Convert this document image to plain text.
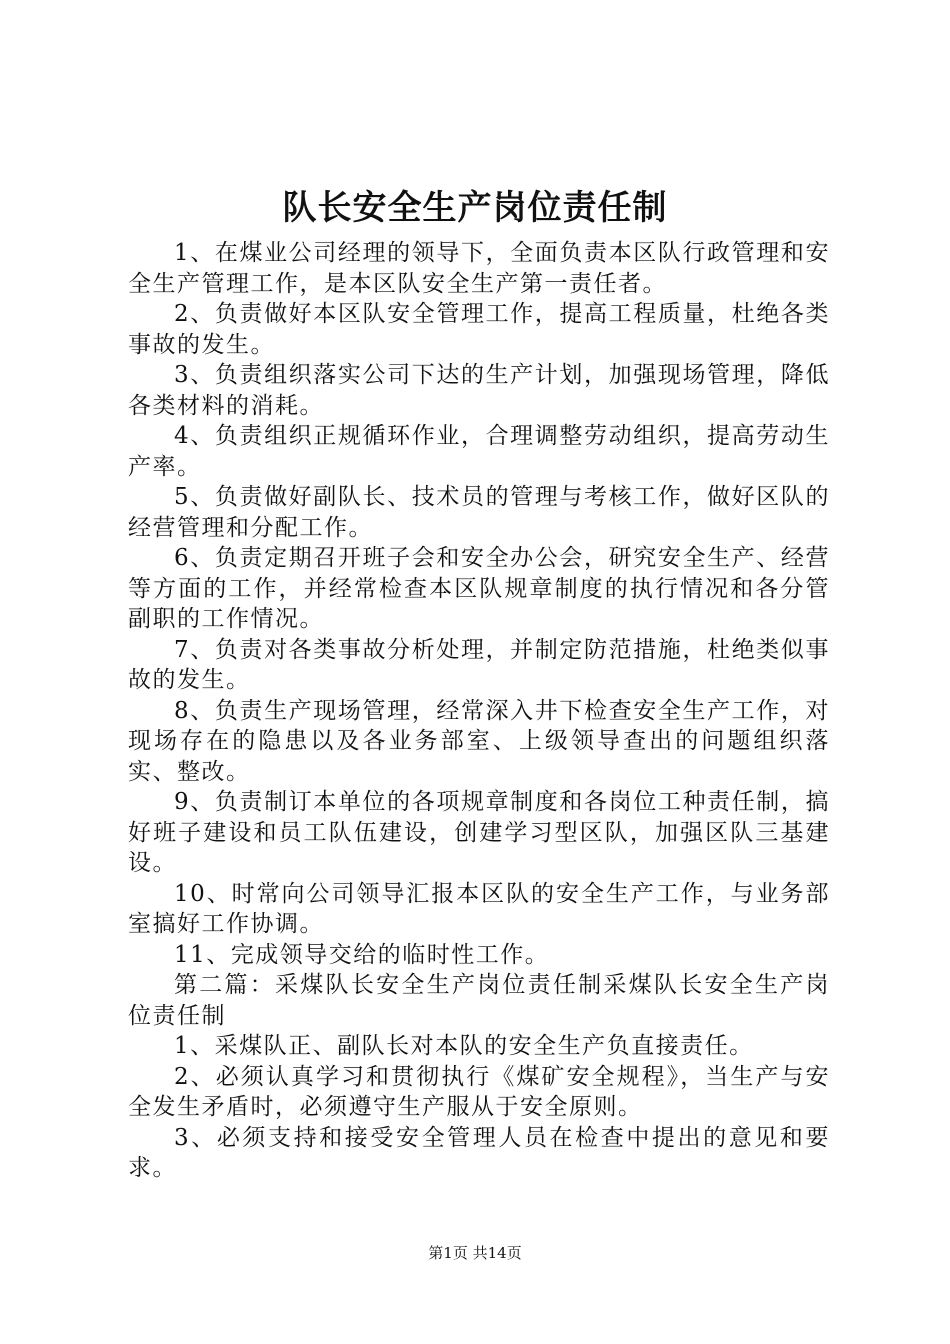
队长安全生产岗位责任制

1、在煤业公司经理的领导下，全面负责本区队行政管理和安全生产管理工作，是本区队安全生产第一责任者。

2、负责做好本区队安全管理工作，提高工程质量，杜绝各类事故的发生。

3、负责组织落实公司下达的生产计划，加强现场管理，降低各类材料的消耗。

4、负责组织正规循环作业，合理调整劳动组织，提高劳动生产率。

5、负责做好副队长、技术员的管理与考核工作，做好区队的经营管理和分配工作。

6、负责定期召开班子会和安全办公会，研究安全生产、经营等方面的工作，并经常检查本区队规章制度的执行情况和各分管副职的工作情况。

7、负责对各类事故分析处理，并制定防范措施，杜绝类似事故的发生。

8、负责生产现场管理，经常深入井下检查安全生产工作，对现场存在的隐患以及各业务部室、上级领导查出的问题组织落实、整改。

9、负责制订本单位的各项规章制度和各岗位工种责任制，搞好班子建设和员工队伍建设，创建学习型区队，加强区队三基建设。

10、时常向公司领导汇报本区队的安全生产工作，与业务部室搞好工作协调。

11、完成领导交给的临时性工作。

第二篇：采煤队长安全生产岗位责任制采煤队长安全生产岗位责任制

1、采煤队正、副队长对本队的安全生产负直接责任。

2、必须认真学习和贯彻执行《煤矿安全规程》，当生产与安全发生矛盾时，必须遵守生产服从于安全原则。

3、必须支持和接受安全管理人员在检查中提出的意见和要求。

第1页 共14页
